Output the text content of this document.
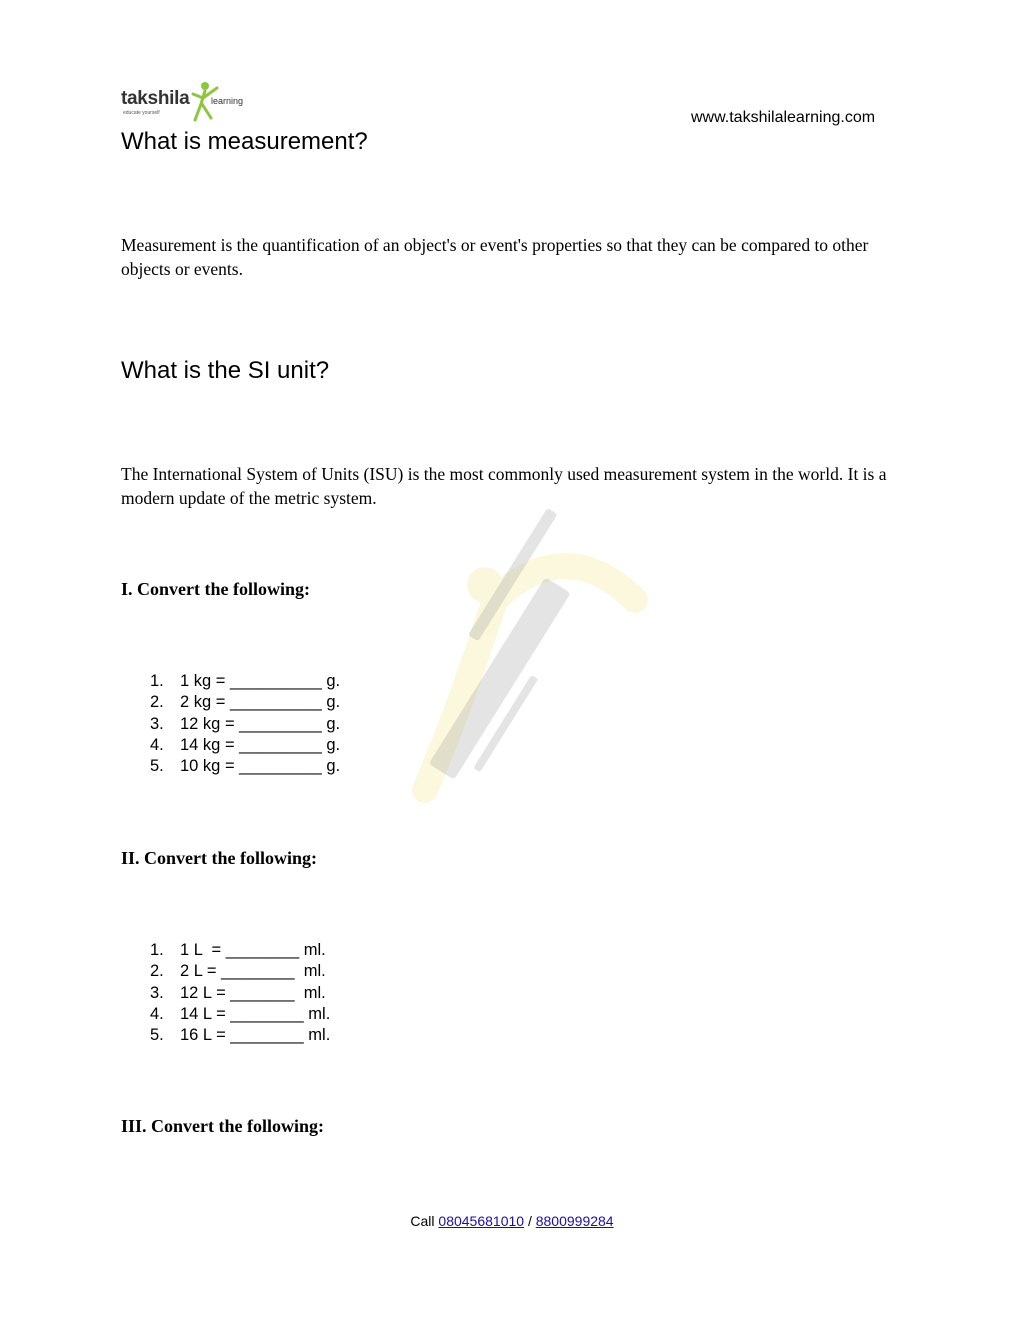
takshila learning
educate yourself	www.takshilalearning.com
What is measurement?

Measurement is the quantification of an object's or event's properties so that they can be compared to other objects or events.

What is the SI unit?

The International System of Units (ISU) is the most commonly used measurement system in the world. It is a modern update of the metric system.

I. Convert the following:
1. 1 kg = __________ g.
2. 2 kg = __________ g.
3. 12 kg = _________ g.
4. 14 kg = _________ g.
5. 10 kg = _________ g.
II. Convert the following:
1. 1 L  = ________ ml.
2. 2 L = ________  ml.
3. 12 L = _______  ml.
4. 14 L = ________ ml.
5. 16 L = ________ ml.
III. Convert the following:
Call 08045681010 / 8800999284
